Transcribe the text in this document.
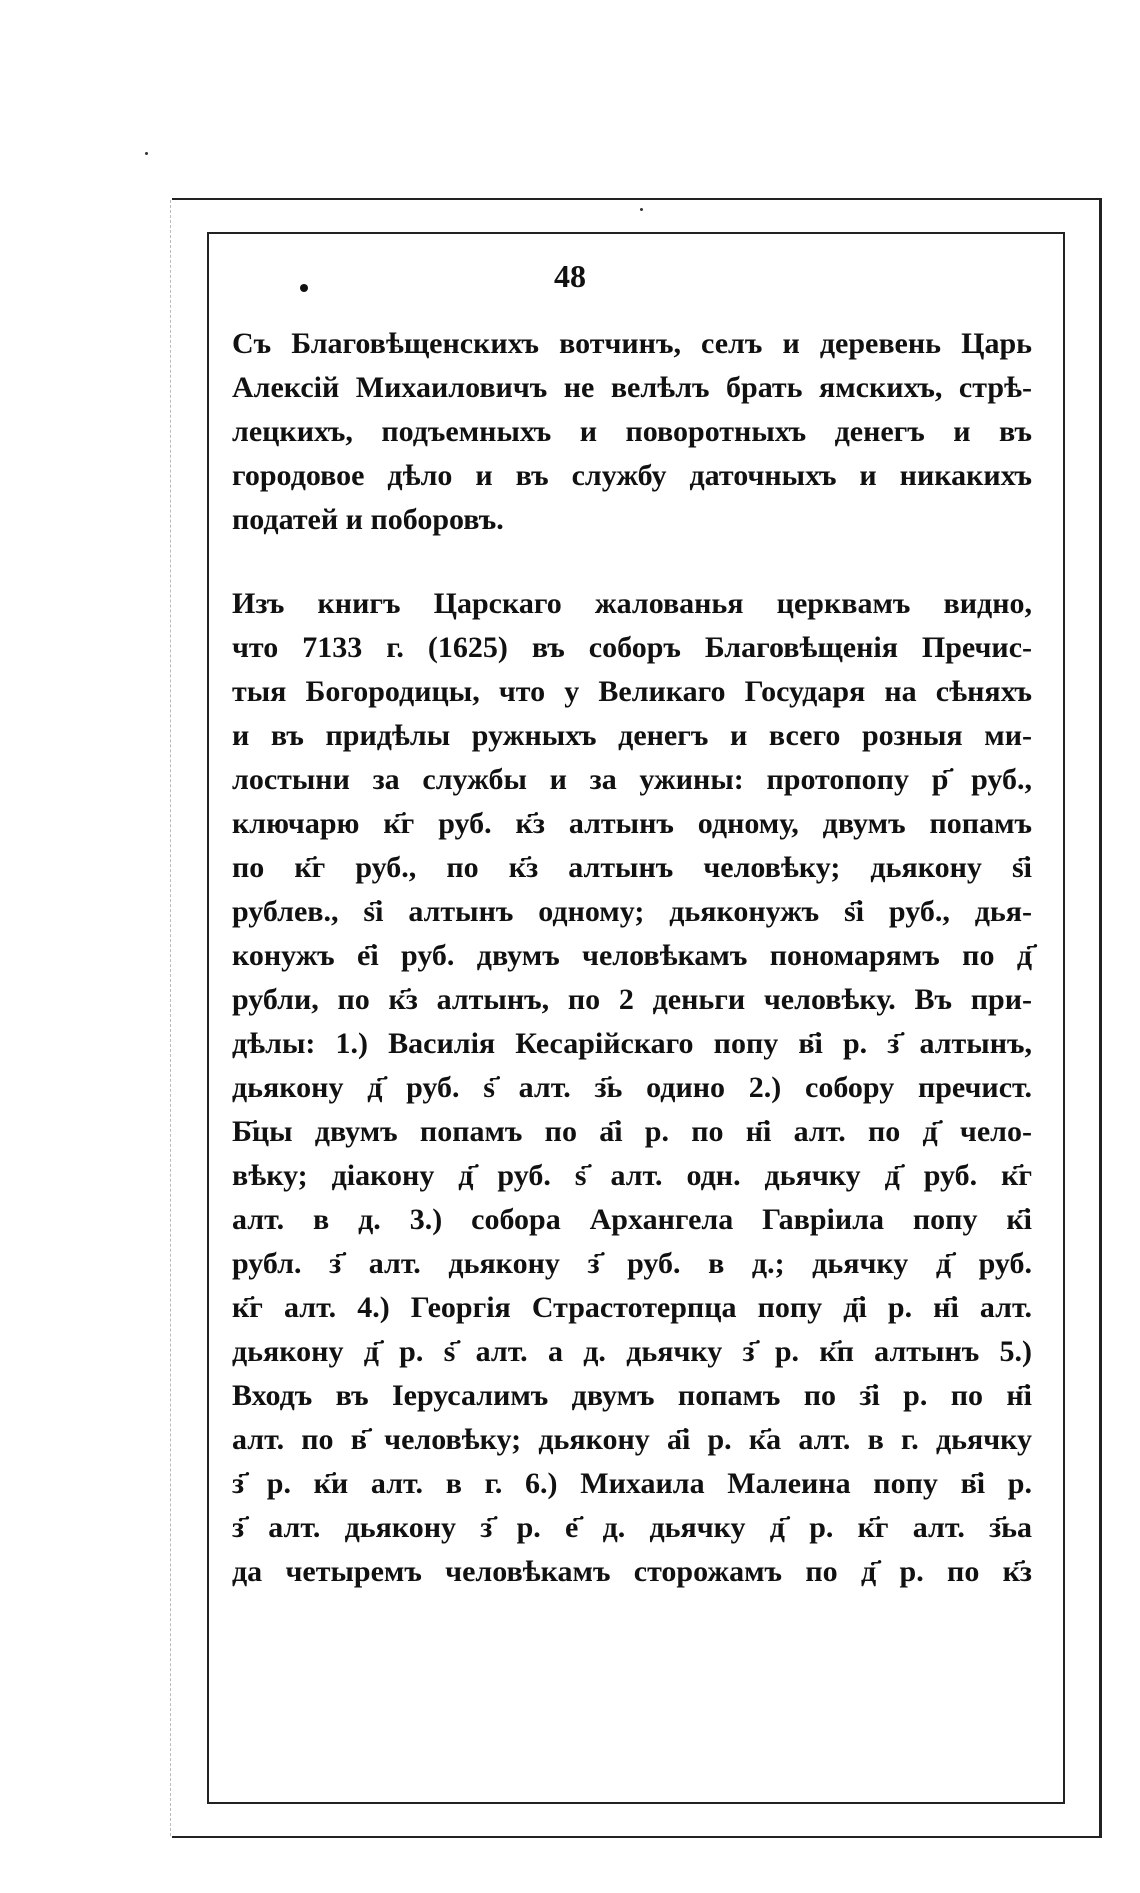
48
Съ Благовѣщенскихъ вотчинъ, селъ и деревень Царь
Алексій Михаиловичъ не велѣлъ брать ямскихъ, стрѣ-
лецкихъ, подъемныхъ и поворотныхъ денегъ и въ
городовое дѣло и въ службу даточныхъ и никакихъ
податей и поборовъ.
Изъ книгъ Царскаго жалованья церквамъ видно,
что 7133 г. (1625) въ соборъ Благовѣщенія Пречис-
тыя Богородицы, что у Великаго Государя на сѣняхъ
и въ придѣлы ружныхъ денегъ и всего розныя ми-
лостыни за службы и за ужины: протопопу р҃ руб.,
ключарю к҃г руб. к҃з алтынъ одному, двумъ попамъ
по к҃г руб., по к҃з алтынъ человѣку; дьякону ѕ҃і
рублев., ѕ҃і алтынъ одному; дьяконужъ ѕ҃і руб., дья-
конужъ е҃і руб. двумъ человѣкамъ пономарямъ по д҃
рубли, по к҃з алтынъ, по 2 деньги человѣку. Въ при-
дѣлы: 1.) Василія Кесарійскаго попу в҃і р. з҃ алтынъ,
дьякону д҃ руб. ѕ҃ алт. з҃ь одино 2.) собору пречист.
Б҃цы двумъ попамъ по а҃і р. по н҃і алт. по д҃ чело-
вѣку; діакону д҃ руб. ѕ҃ алт. одн. дьячку д҃ руб. к҃г
алт. в д. 3.) собора Архангела Гавріила попу к҃і
рубл. з҃ алт. дьякону з҃ руб. в д.; дьячку д҃ руб.
к҃г алт. 4.) Георгія Страстотерпца попу д҃і р. н҃і алт.
дьякону д҃ р. ѕ҃ алт. а д. дьячку з҃ р. к҃п алтынъ 5.)
Входъ въ Іерусалимъ двумъ попамъ по з҃і р. по н҃і
алт. по в҃ человѣку; дьякону а҃і р. к҃а алт. в г. дьячку
з҃ р. к҃и алт. в г. 6.) Михаила Малеина попу в҃і р.
з҃ алт. дьякону з҃ р. е҃ д. дьячку д҃ р. к҃г алт. з҃ьа
да четыремъ человѣкамъ сторожамъ по д҃ р. по к҃з
